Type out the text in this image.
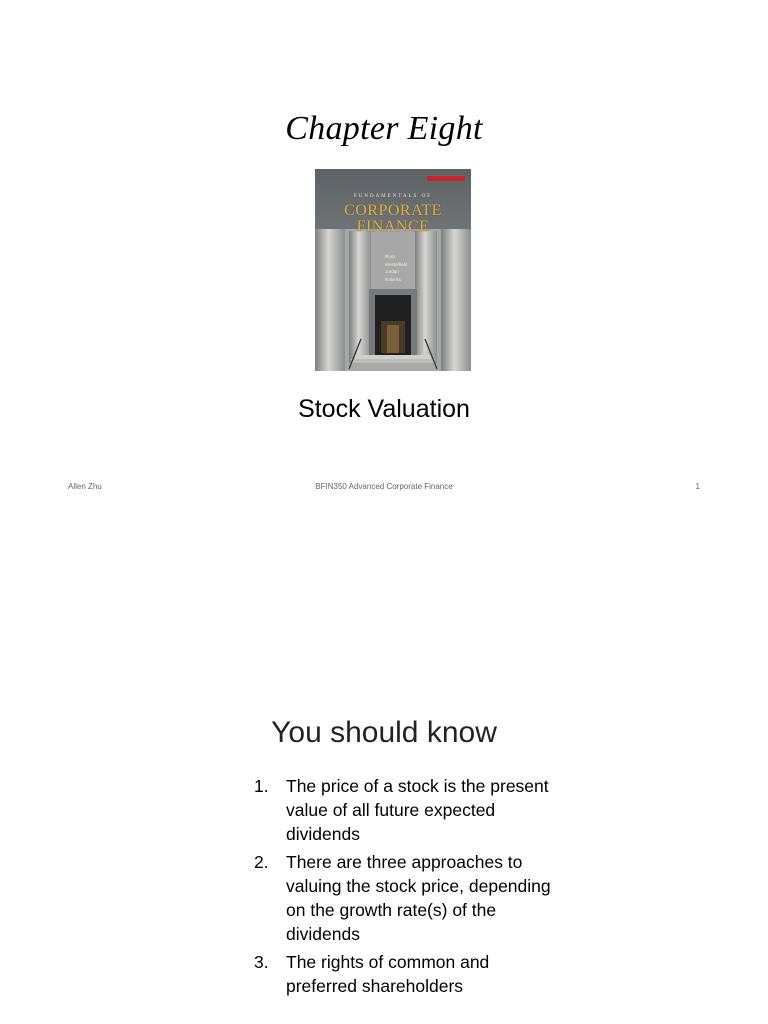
Chapter Eight
FUNDAMENTALS OF
CORPORATE
FINANCE
Ross
Westerfield
Jordan
Roberts
Stock Valuation
Allen Zhu	BFIN350 Advanced Corporate Finance	1
You should know
1. The price of a stock is the present value of all future expected dividends
2. There are three approaches to valuing the stock price, depending on the growth rate(s) of the dividends
3. The rights of common and preferred shareholders
